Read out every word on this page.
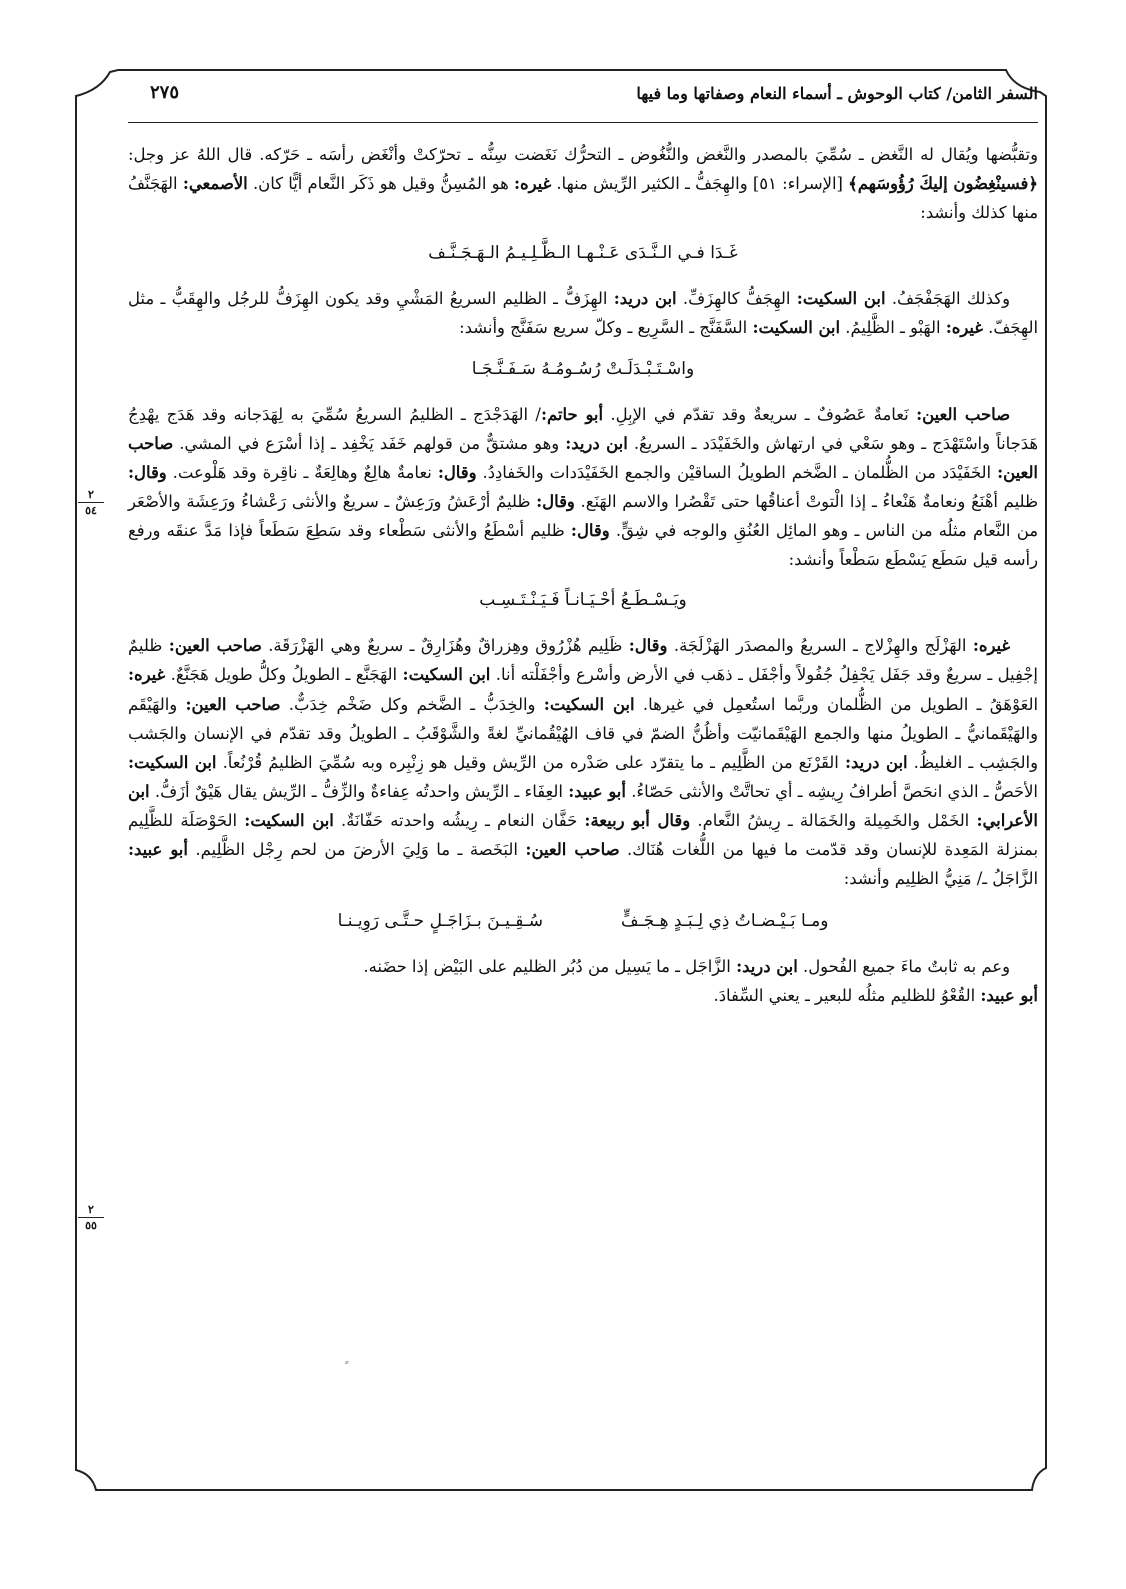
السفر الثامن/ كتاب الوحوش ـ أسماء النعام وصفاتها وما فيها
٢٧٥
٢
٥٤
٢
٥٥

وتقبُّضها ويُقال له النَّغض ـ سُمِّيَ بالمصدر والنَّغض والنُّغُوض ـ التحرُّك نَغَضت سِنُّه ـ تحرّكتْ وأنْغَض رأسَه ـ حَرّكه. قال اللهُ عز وجل: ﴿فسينْغِضُون إليكَ رُؤُوسَهم﴾ [الإسراء: ٥١] والهِجَفُّ ـ الكثير الرِّيش منها. غيره: هو المُسِنُّ وقيل هو ذَكَر النَّعام أيًّا كان. الأصمعي: الهَجَنَّفُ منها كذلك وأنشد:

غَـدَا فـي الـنَّـدَى عَـنْـهـا الـظَّـلِـيـمُ الـهَـجَـنَّـف

وكذلك الهَجَفْجَفُ. ابن السكيت: الهِجَفُّ كالهِزَفِّ. ابن دريد: الهِزَفُّ ـ الظليم السريعُ المَشْيِ وقد يكون الهِزَفُّ للرجُل والهِقَبُّ ـ مثل الهِجَفّ. غيره: الهَبْو ـ الظَّلِيمُ. ابن السكيت: السَّفَنَّج ـ السَّرِيع ـ وكلّ سريع سَفَنَّج وأنشد:

واسْـتَـبْـدَلَـتْ رُسُـومُـهُ سَـفَـنَّـجَـا

صاحب العين: نَعامةٌ عَصُوفٌ ـ سريعةٌ وقد تقدّم في الإبِلِ. أبو حاتم:/ الهَدَجْدَج ـ الظليمُ السريعُ سُمِّيَ به لِهَدَجانه وقد هَدَج يهْدِجُ هَدَجاناً واسْتَهْدَج ـ وهو سَعْي في ارتهاش والخَفَيْدَد ـ السريعُ. ابن دريد: وهو مشتقٌّ من قولهم خَفَد يَخْفِد ـ إذا أسْرَع في المشي. صاحب العين: الخَفَيْدَد من الظُّلمان ـ الضَّخم الطويلُ الساقيْن والجمع الخَفَيْدَدات والخَفادِدُ. وقال: نعامةٌ هالِعٌ وهالِعَةٌ ـ ناقِرة وقد هَلْوعت. وقال: ظليم أهْنَعُ ونعامةٌ هَنْعاءُ ـ إذا الْتوتْ أعناقُها حتى تَقْصُرا والاسم الهَنَع. وقال: ظليمٌ أرْعَشُ ورَعِشٌ ـ سريعٌ والأنثى رَعْشاءُ ورَعِشَة والأصْعَر من النَّعام مثلُه من الناس ـ وهو المائِل العُنُقِ والوجه في شِقٍّ. وقال: ظليم أسْطَعُ والأنثى سَطْعاء وقد سَطِعَ سَطَعاً فإذا مَدَّ عنقَه ورفع رأسه قيل سَطَع يَسْطَع سَطْعاً وأنشد:

ويَـسْـطَـعُ أحْـيَـانـاً فَـيَـنْـتَـسِـب

غيره: الهَزْلَج والهِزْلاج ـ السريعُ والمصدَر الهَزْلَجَة. وقال: ظَلِيم هُزْرُوق وهِزراقٌ وهُزَارِقٌ ـ سريعٌ وهي الهَزْرَقَة. صاحب العين: ظليمٌ إجْفِيل ـ سريعٌ وقد جَفَل يَجْفِلُ جُفُولاً وأجْفَل ـ ذهَب في الأرض وأسْرع وأجْفَلْته أنا. ابن السكيت: الهَجَنَّع ـ الطويلُ وكلُّ طويل هَجَنَّعٌ. غيره: العَوْهَقُ ـ الطويل من الظُّلمان وربَّما استُعمِل في غيرها. ابن السكيت: والخِدَبُّ ـ الضَّخم وكل ضَخْم خِدَبٌّ. صاحب العين: والهَيْقَم والهَيْقَمانيُّ ـ الطويلُ منها والجمع الهَيْقَمانيّت وأظُنُّ الضمّ في قاف الهُيْقُمانيِّ لغةً والشَّوْقَبُ ـ الطويلُ وقد تقدّم في الإنسان والجَشب والجَشِب ـ الغليظُ. ابن دريد: القَرْنَع من الظَّلِيم ـ ما يتقرّد على صَدْره من الرِّيش وقيل هو زِنْبِره وبه سُمِّيَ الظليمُ قُرْنُعاً. ابن السكيت: الأحَصُّ ـ الذي انحَصَّ أطرافُ رِيشِه ـ أي تحاتَّتْ والأنثى حَصّاءُ. أبو عبيد: العِفَاء ـ الرِّيش واحدتُه عِفاءةٌ والزِّفُّ ـ الرِّيش يقال هَيْقٌ أزَفُّ. ابن الأعرابي: الخَمْل والخَمِيلة والخَمَالة ـ رِيشُ النَّعام. وقال أبو ربيعة: حَفَّان النعام ـ رِيشُه واحدته حَفّانَةٌ. ابن السكيت: الحَوْصَلَة للظَّلِيم بمنزلة المَعِدة للإنسان وقد قدّمت ما فيها من اللُّغات هُنَاك. صاحب العين: البَخَصة ـ ما وَلِيَ الأرضَ من لحم رِجْل الظَّلِيم. أبو عبيد: الزَّاجَلُ ـ/ مَنِيُّ الظلِيم وأنشد:

ومـا بَـيْـضـاتُ ذِي لِـبَـدٍ هِـجَـفٍّ
سُـقِـيـنَ بـزَاجَـلٍ حـتَّـى رَوِيـنـا

وعم به ثابتٌ ماءَ جميع الفُحول. ابن دريد: الزَّاجَل ـ ما يَسِيل من دُبُر الظليم على البَيْض إذا حضَنه.

أبو عبيد: القُعْوُ للظليم مثلُه للبعير ـ يعني السِّفادَ.

ﹰ
